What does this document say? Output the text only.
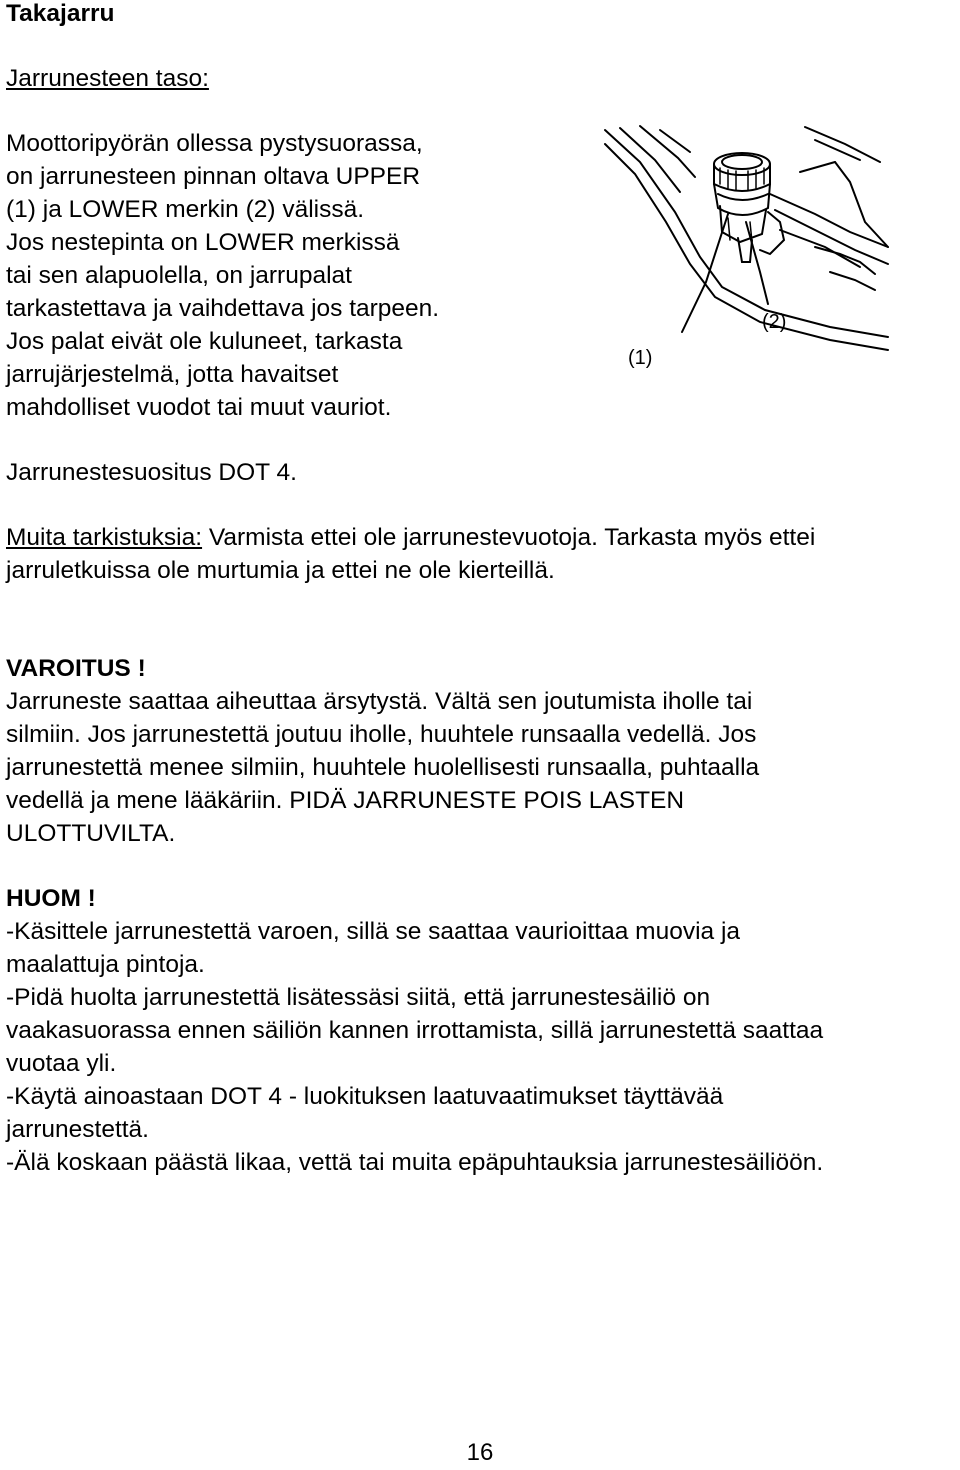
Takajarru
Jarrunesteen taso:
Moottoripyörän ollessa pystysuorassa,
on jarrunesteen pinnan oltava UPPER
(1) ja LOWER merkin (2) välissä.
Jos nestepinta on LOWER merkissä
tai sen alapuolella, on jarrupalat
tarkastettava ja vaihdettava jos tarpeen.
Jos palat eivät ole kuluneet, tarkasta
jarrujärjestelmä, jotta havaitset
mahdolliset vuodot tai muut vauriot.
(2)
(1)
Jarrunestesuositus DOT 4.
Muita tarkistuksia: Varmista ettei ole jarrunestevuotoja. Tarkasta myös ettei
jarruletkuissa ole murtumia ja ettei ne ole kierteillä.
VAROITUS !
Jarruneste saattaa aiheuttaa ärsytystä. Vältä sen joutumista iholle tai
silmiin. Jos jarrunestettä joutuu iholle, huuhtele runsaalla vedellä. Jos
jarrunestettä menee silmiin, huuhtele huolellisesti runsaalla, puhtaalla
vedellä ja mene lääkäriin. PIDÄ JARRUNESTE POIS LASTEN
ULOTTUVILTA.
HUOM !
-Käsittele jarrunestettä varoen, sillä se saattaa vaurioittaa muovia ja
maalattuja pintoja.
-Pidä huolta jarrunestettä lisätessäsi siitä, että jarrunestesäiliö on
vaakasuorassa ennen säiliön kannen irrottamista, sillä jarrunestettä saattaa
vuotaa yli.
-Käytä ainoastaan DOT 4 - luokituksen laatuvaatimukset täyttävää
jarrunestettä.
-Älä koskaan päästä likaa, vettä tai muita epäpuhtauksia jarrunestesäiliöön.
16
